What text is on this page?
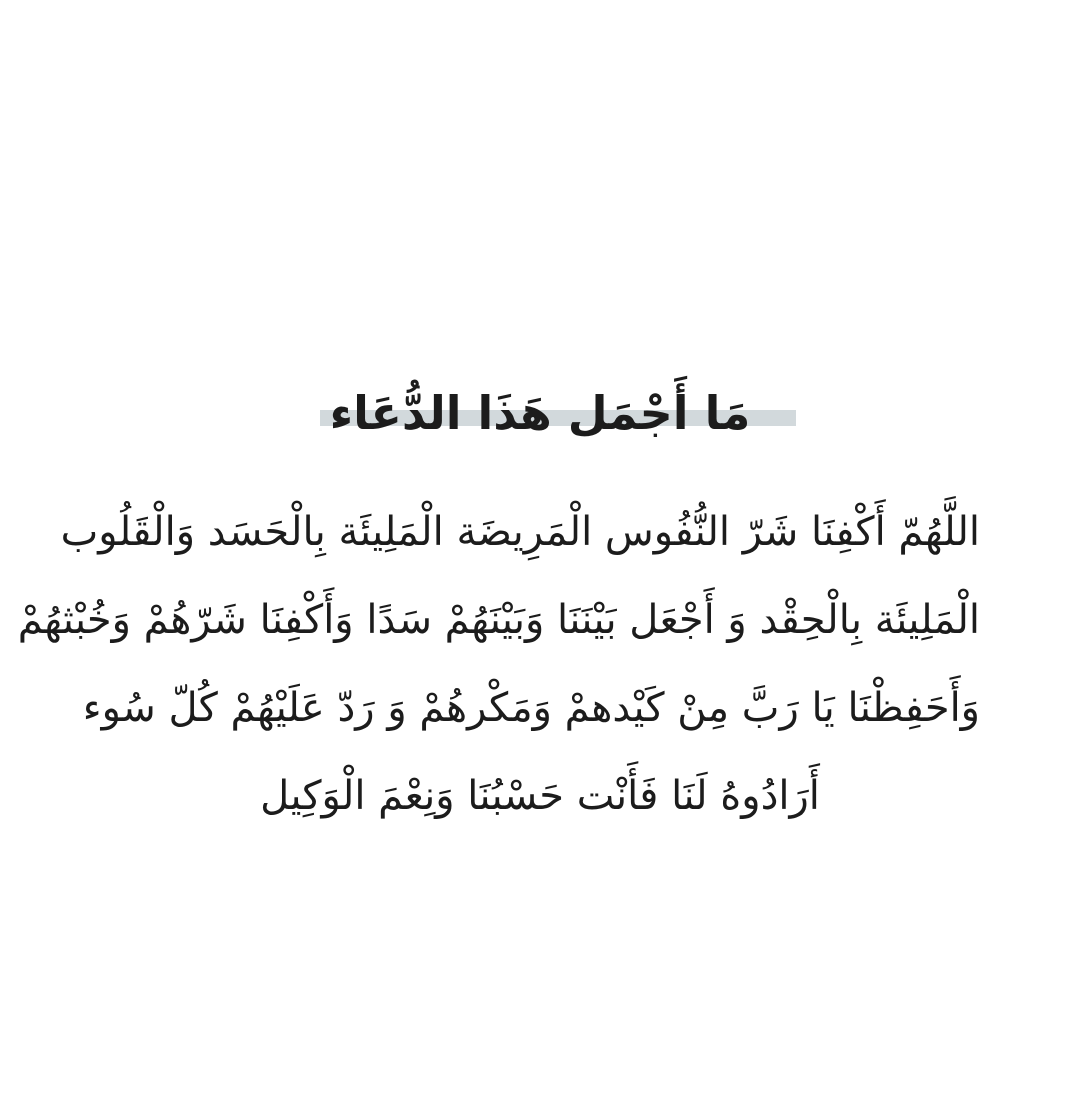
مَا أَجْمَل هَذَا الدُّعَاء

اللَّهُمّ أَكْفِنَا شَرّ النُّفُوس الْمَرِيضَة الْمَلِيئَة بِالْحَسَد وَالْقَلُوب
الْمَلِيئَة بِالْحِقْد وَ أَجْعَل بَيْنَنَا وَبَيْنَهُمْ سَدًا وَأَكْفِنَا شَرّهُمْ وَخُبْثهُمْ
وَأَحَفِظْنَا يَا رَبَّ مِنْ كَيْدهمْ وَمَكْرهُمْ وَ رَدّ عَلَيْهُمْ كُلّ سُوء
أَرَادُوهُ لَنَا فَأَنْت حَسْبُنَا وَنِعْمَ الْوَكِيل
